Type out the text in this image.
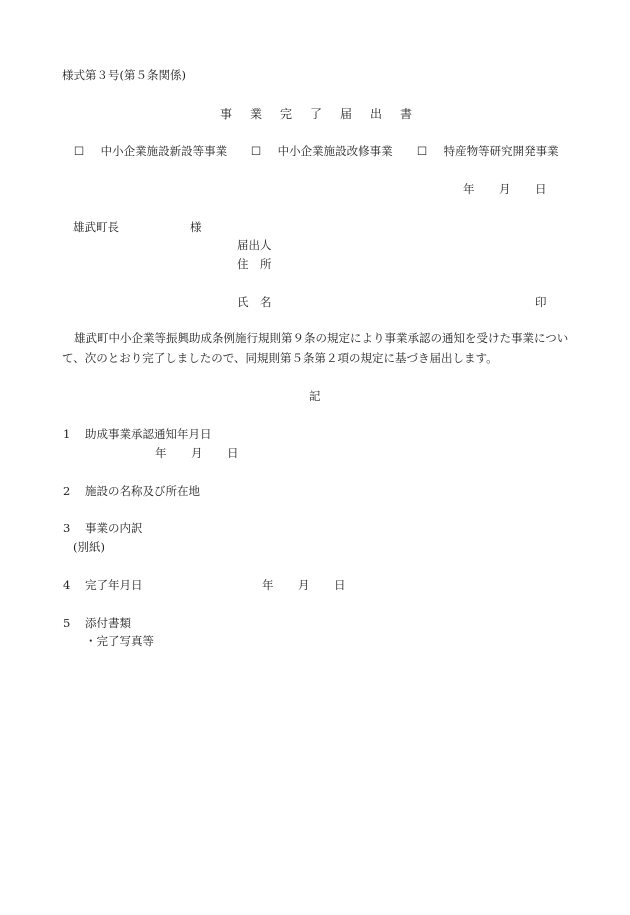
様式第３号(第５条関係)
事 業 完 了 届 出 書
☐ 中小企業施設新設等事業 ☐ 中小企業施設改修事業 ☐ 特産物等研究開発事業
年 月 日
雄武町長	様
届出人
住　所
氏　名	印
雄武町中小企業等振興助成条例施行規則第９条の規定により事業承認の通知を受けた事業について、次のとおり完了しましたので、同規則第５条第２項の規定に基づき届出します。
記
1 助成事業承認通知年月日
年 月 日
2 施設の名称及び所在地
3 事業の内訳
(別紙)
4 完了年月日	年 月 日
5 添付書類
・完了写真等
